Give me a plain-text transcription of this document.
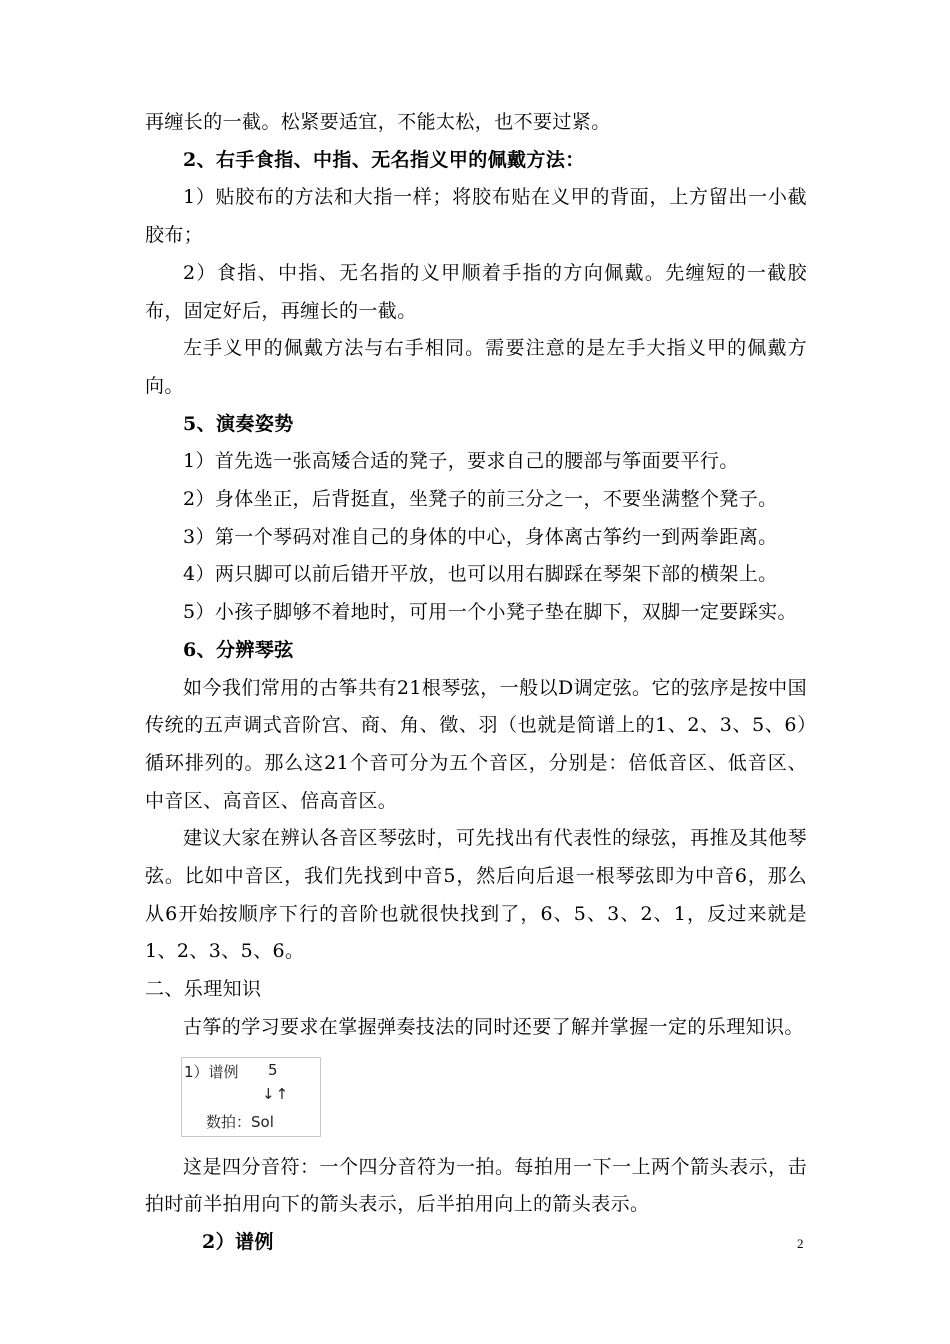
再缠长的一截。松紧要适宜，不能太松，也不要过紧。

2、右手食指、中指、无名指义甲的佩戴方法：

1）贴胶布的方法和大指一样；将胶布贴在义甲的背面，上方留出一小截胶布；

2）食指、中指、无名指的义甲顺着手指的方向佩戴。先缠短的一截胶布，固定好后，再缠长的一截。

左手义甲的佩戴方法与右手相同。需要注意的是左手大指义甲的佩戴方向。

5、演奏姿势

1）首先选一张高矮合适的凳子，要求自己的腰部与筝面要平行。

2）身体坐正，后背挺直，坐凳子的前三分之一，不要坐满整个凳子。

3）第一个琴码对准自己的身体的中心，身体离古筝约一到两拳距离。

4）两只脚可以前后错开平放，也可以用右脚踩在琴架下部的横架上。

5）小孩子脚够不着地时，可用一个小凳子垫在脚下，双脚一定要踩实。

6、分辨琴弦

如今我们常用的古筝共有21根琴弦，一般以D调定弦。它的弦序是按中国传统的五声调式音阶宫、商、角、徵、羽（也就是简谱上的1、2、3、5、6）循环排列的。那么这21个音可分为五个音区，分别是：倍低音区、低音区、中音区、高音区、倍高音区。

建议大家在辨认各音区琴弦时，可先找出有代表性的绿弦，再推及其他琴弦。比如中音区，我们先找到中音5，然后向后退一根琴弦即为中音6，那么从6开始按顺序下行的音阶也就很快找到了，6、5、3、2、1，反过来就是1、2、3、5、6。

二、乐理知识

古筝的学习要求在掌握弹奏技法的同时还要了解并掌握一定的乐理知识。

1）谱例 5
↓↑
数拍：Sol

这是四分音符：一个四分音符为一拍。每拍用一下一上两个箭头表示，击拍时前半拍用向下的箭头表示，后半拍用向上的箭头表示。

2）谱例	2
